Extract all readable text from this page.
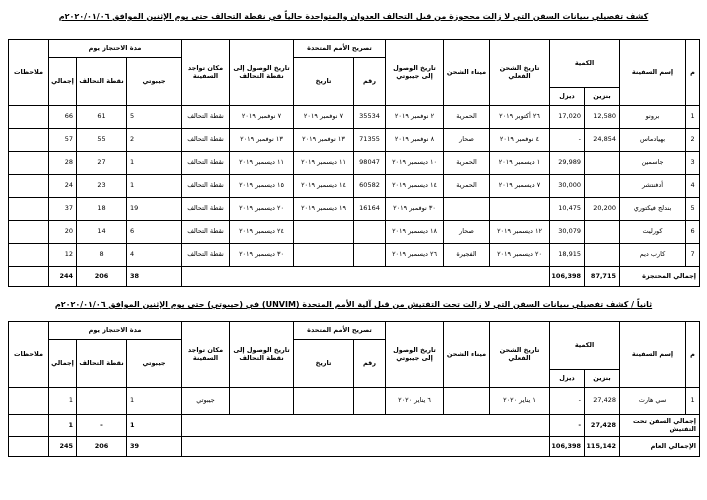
كشف تفصيلي ببيانات السفن التي لا زالت محجوزة من قبل التحالف العدوان والمتواجدة حالياً في نقطة التحالف حتى يوم الإثنين الموافق ٢٠٢٠/٠١/٠٦م
م	إسم السفينة	الكمية		تاريخ الشحن الفعلي	ميناء الشحن	تاريخ الوصول إلى جيبوتي	تصريح الأمم المتحدة		تاريخ الوصول إلى نقطة التحالف	مكان تواجد السفينة	مدة الاحتجاز يوم			ملاحظات
							رقم	تاريخ			جيبوتي	نقطة التحالف	إجمالي	
		بنزين	ديزل											
1	برونو	12,580	17,020	٢٦ أكتوبر ٢٠١٩	الحمرية	٢ نوفمبر ٢٠١٩	35534	٧ نوفمبر ٢٠١٩	٧ نوفمبر ٢٠١٩	نقطة التحالف	5	61	66	
2	بهيادماس	24,854	-	٤ نوفمبر ٢٠١٩	صحار	٨ نوفمبر ٢٠١٩	71355	١٣ نوفمبر ٢٠١٩	١٣ نوفمبر ٢٠١٩	نقطة التحالف	2	55	57	
3	جاسمين		29,989	١ ديسمبر ٢٠١٩	الحمرية	١٠ ديسمبر ٢٠١٩	98047	١١ ديسمبر ٢٠١٩	١١ ديسمبر ٢٠١٩	نقطة التحالف	1	27	28	
4	أدفنتشر		30,000	٧ ديسمبر ٢٠١٩	الحمرية	١٤ ديسمبر ٢٠١٩	60582	١٤ ديسمبر ٢٠١٩	١٥ ديسمبر ٢٠١٩	نقطة التحالف	1	23	24	
5	بندلج فيكتوري	20,200	10,475			٣٠ نوفمبر ٢٠١٩	16164	١٩ ديسمبر ٢٠١٩	٢٠ ديسمبر ٢٠١٩	نقطة التحالف	19	18	37	
6	كورليت		30,079	١٢ ديسمبر ٢٠١٩	صحار	١٨ ديسمبر ٢٠١٩			٢٤ ديسمبر ٢٠١٩	نقطة التحالف	6	14	20	
7	كارب ديم		18,915	٢٠ ديسمبر ٢٠١٩	الفجيرة	٢٦ ديسمبر ٢٠١٩			٣٠ ديسمبر ٢٠١٩	نقطة التحالف	4	8	12	
إجمالي المحتجزة		87,715	106,398								38	206	244	
ثانياً / كشف تفصيلي ببيانات السفن التي لا زالت تحت التفتيش من قبل آلية الأمم المتحدة (UNVIM) في (جيبوتي) حتى يوم الإثنين الموافق ٢٠٢٠/٠١/٠٦م
م	إسم السفينة	الكمية		تاريخ الشحن الفعلي	ميناء الشحن	تاريخ الوصول إلى جيبوتي	تصريح الأمم المتحدة		تاريخ الوصول إلى نقطة التحالف	مكان تواجد السفينة	مدة الاحتجاز يوم			ملاحظات
							رقم	تاريخ			جيبوتي	نقطة التحالف	إجمالي	
		بنزين	ديزل											
1	سي هارت	27,428	-	١ يناير ٢٠٢٠		٦ يناير ٢٠٢٠				جيبوتي	1		1	
إجمالي السفن تحت التفتيش		27,428	-								1	-	1	
الإجمالي العام		115,142	106,398								39	206	245	
